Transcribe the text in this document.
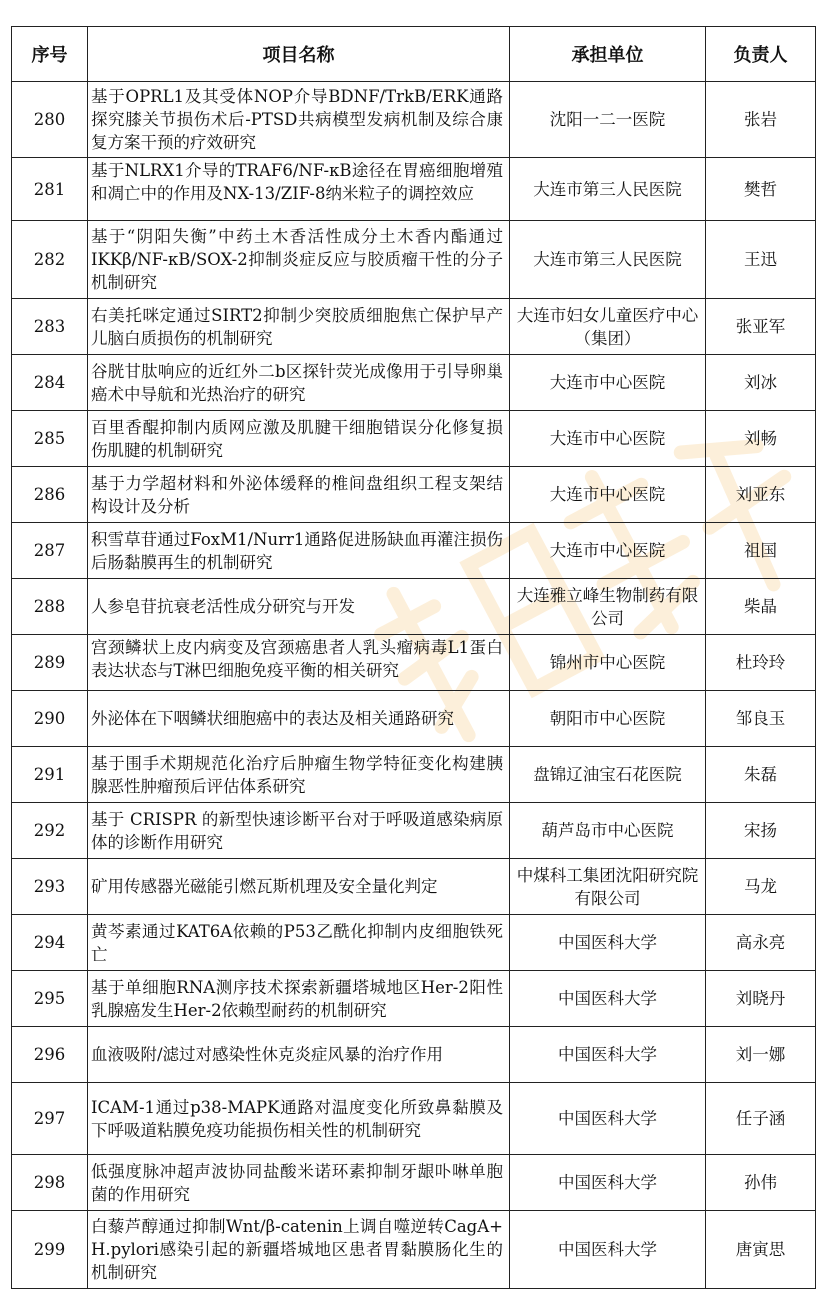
序号	项目名称	承担单位	负责人
280	基于OPRL1及其受体NOP介导BDNF/TrkB/ERK通路探究膝关节损伤术后-PTSD共病模型发病机制及综合康复方案干预的疗效研究	沈阳一二一医院	张岩
281	基于NLRX1介导的TRAF6/NF-κB途径在胃癌细胞增殖和凋亡中的作用及NX-13/ZIF-8纳米粒子的调控效应	大连市第三人民医院	樊哲
282	基于“阴阳失衡”中药土木香活性成分土木香内酯通过IKKβ/NF-κB/SOX-2抑制炎症反应与胶质瘤干性的分子机制研究	大连市第三人民医院	王迅
283	右美托咪定通过SIRT2抑制少突胶质细胞焦亡保护早产儿脑白质损伤的机制研究	大连市妇女儿童医疗中心（集团）	张亚军
284	谷胱甘肽响应的近红外二b区探针荧光成像用于引导卵巢癌术中导航和光热治疗的研究	大连市中心医院	刘冰
285	百里香醌抑制内质网应激及肌腱干细胞错误分化修复损伤肌腱的机制研究	大连市中心医院	刘畅
286	基于力学超材料和外泌体缓释的椎间盘组织工程支架结构设计及分析	大连市中心医院	刘亚东
287	积雪草苷通过FoxM1/Nurr1通路促进肠缺血再灌注损伤后肠黏膜再生的机制研究	大连市中心医院	祖国
288	人参皂苷抗衰老活性成分研究与开发	大连雅立峰生物制药有限公司	柴晶
289	宫颈鳞状上皮内病变及宫颈癌患者人乳头瘤病毒L1蛋白表达状态与T淋巴细胞免疫平衡的相关研究	锦州市中心医院	杜玲玲
290	外泌体在下咽鳞状细胞癌中的表达及相关通路研究	朝阳市中心医院	邹良玉
291	基于围手术期规范化治疗后肿瘤生物学特征变化构建胰腺恶性肿瘤预后评估体系研究	盘锦辽油宝石花医院	朱磊
292	基于 CRISPR 的新型快速诊断平台对于呼吸道感染病原体的诊断作用研究	葫芦岛市中心医院	宋扬
293	矿用传感器光磁能引燃瓦斯机理及安全量化判定	中煤科工集团沈阳研究院有限公司	马龙
294	黄芩素通过KAT6A依赖的P53乙酰化抑制内皮细胞铁死亡	中国医科大学	高永亮
295	基于单细胞RNA测序技术探索新疆塔城地区Her-2阳性乳腺癌发生Her-2依赖型耐药的机制研究	中国医科大学	刘晓丹
296	血液吸附/滤过对感染性休克炎症风暴的治疗作用	中国医科大学	刘一娜
297	ICAM-1通过p38-MAPK通路对温度变化所致鼻黏膜及下呼吸道粘膜免疫功能损伤相关性的机制研究	中国医科大学	任子涵
298	低强度脉冲超声波协同盐酸米诺环素抑制牙龈卟啉单胞菌的作用研究	中国医科大学	孙伟
299	白藜芦醇通过抑制Wnt/β-catenin上调自噬逆转CagA+ H.pylori感染引起的新疆塔城地区患者胃黏膜肠化生的机制研究	中国医科大学	唐寅思
